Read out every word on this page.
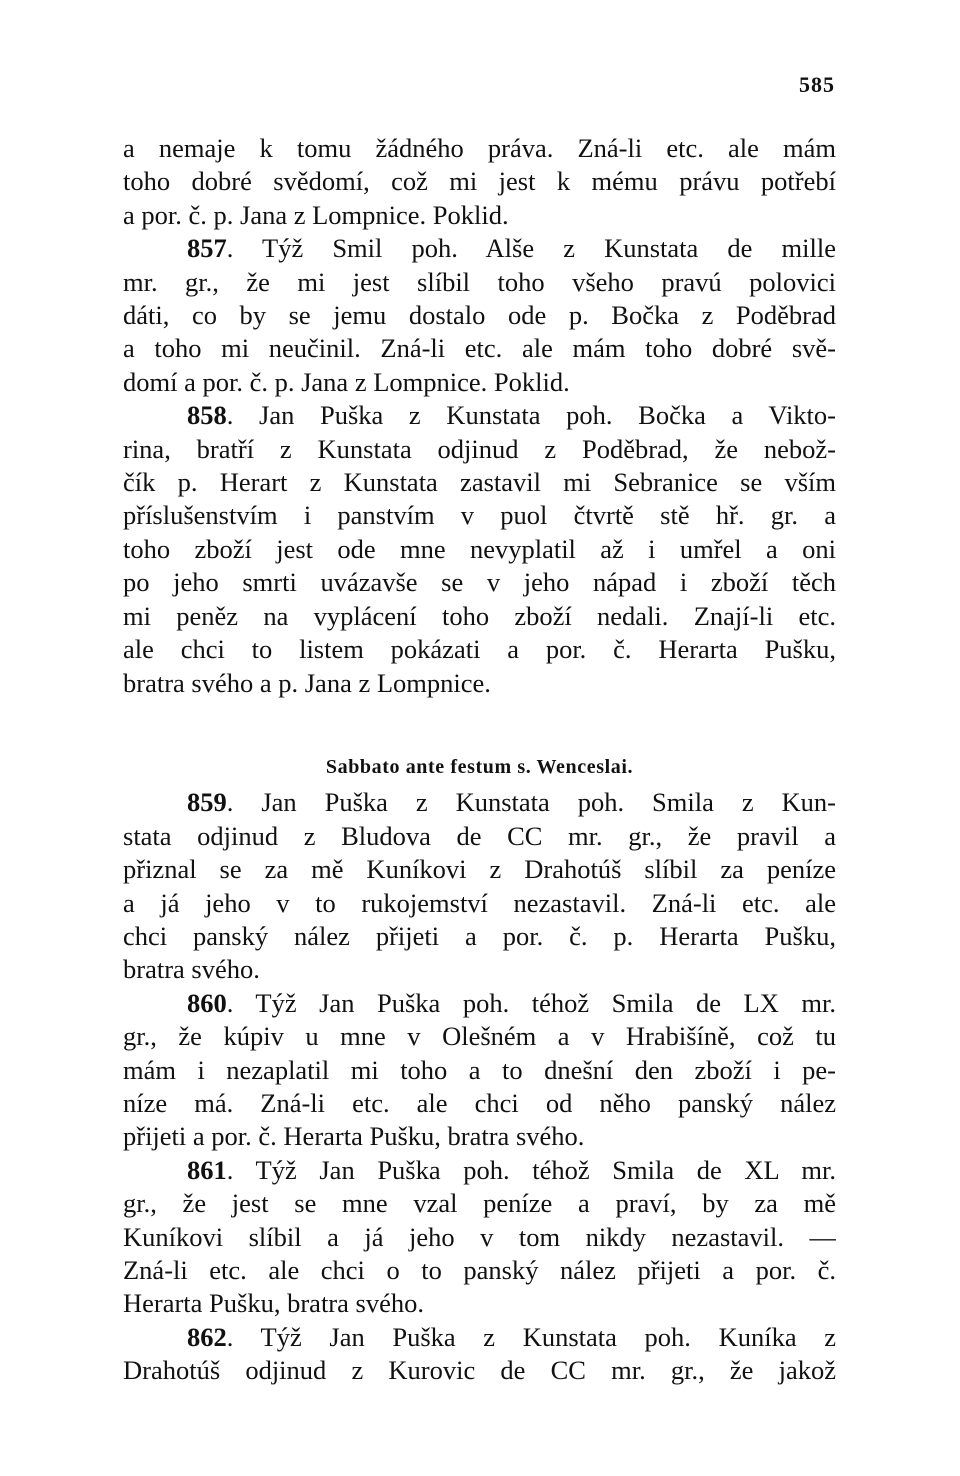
585
a nemaje k tomu žádného práva. Zná-li etc. ale mám
toho dobré svědomí, což mi jest k mému právu potřebí
a por. č. p. Jana z Lompnice. Poklid.
857. Týž Smil poh. Alše z Kunstata de mille
mr. gr., že mi jest slíbil toho všeho pravú polovici
dáti, co by se jemu dostalo ode p. Bočka z Poděbrad
a toho mi neučinil. Zná-li etc. ale mám toho dobré svě-
domí a por. č. p. Jana z Lompnice. Poklid.
858. Jan Puška z Kunstata poh. Bočka a Vikto-
rina, bratří z Kunstata odjinud z Poděbrad, že nebož-
čík p. Herart z Kunstata zastavil mi Sebranice se vším
příslušenstvím i panstvím v puol čtvrtě stě hř. gr. a
toho zboží jest ode mne nevyplatil až i umřel a oni
po jeho smrti uvázavše se v jeho nápad i zboží těch
mi peněz na vyplácení toho zboží nedali. Znají-li etc.
ale chci to listem pokázati a por. č. Herarta Pušku,
bratra svého a p. Jana z Lompnice.
Sabbato ante festum s. Wenceslai.
859. Jan Puška z Kunstata poh. Smila z Kun-
stata odjinud z Bludova de CC mr. gr., že pravil a
přiznal se za mě Kuníkovi z Drahotúš slíbil za peníze
a já jeho v to rukojemství nezastavil. Zná-li etc. ale
chci panský nález přijeti a por. č. p. Herarta Pušku,
bratra svého.
860. Týž Jan Puška poh. téhož Smila de LX mr.
gr., že kúpiv u mne v Olešném a v Hrabišíně, což tu
mám i nezaplatil mi toho a to dnešní den zboží i pe-
níze má. Zná-li etc. ale chci od něho panský nález
přijeti a por. č. Herarta Pušku, bratra svého.
861. Týž Jan Puška poh. téhož Smila de XL mr.
gr., že jest se mne vzal peníze a praví, by za mě
Kuníkovi slíbil a já jeho v tom nikdy nezastavil. —
Zná-li etc. ale chci o to panský nález přijeti a por. č.
Herarta Pušku, bratra svého.
862. Týž Jan Puška z Kunstata poh. Kuníka z
Drahotúš odjinud z Kurovic de CC mr. gr., že jakož
